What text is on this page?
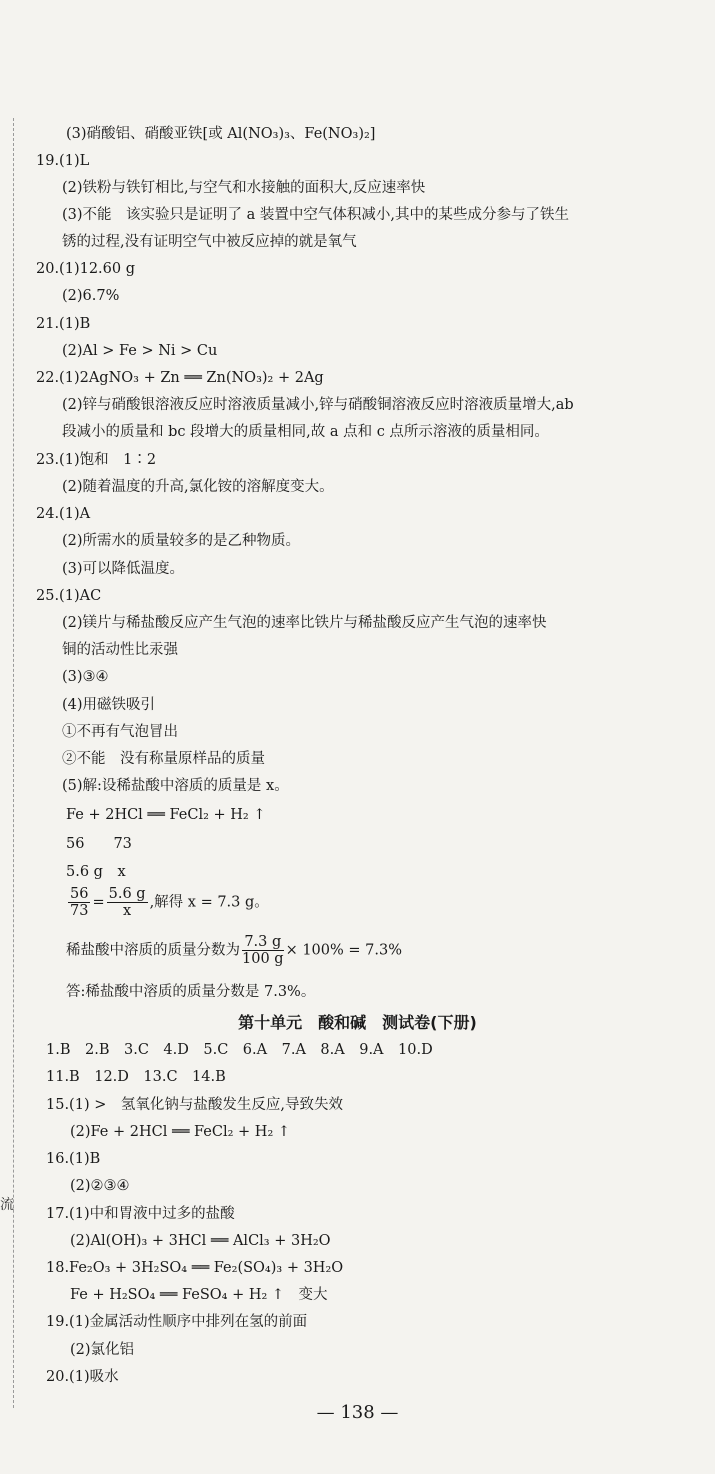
流
(3)硝酸铝、硝酸亚铁[或 Al(NO₃)₃、Fe(NO₃)₂]
19.(1)L
(2)铁粉与铁钉相比,与空气和水接触的面积大,反应速率快
(3)不能　该实验只是证明了 a 装置中空气体积减小,其中的某些成分参与了铁生
锈的过程,没有证明空气中被反应掉的就是氧气
20.(1)12.60 g
(2)6.7%
21.(1)B
(2)Al > Fe > Ni > Cu
22.(1)2AgNO₃ + Zn ══ Zn(NO₃)₂ + 2Ag
(2)锌与硝酸银溶液反应时溶液质量减小,锌与硝酸铜溶液反应时溶液质量增大,ab
段减小的质量和 bc 段增大的质量相同,故 a 点和 c 点所示溶液的质量相同。
23.(1)饱和　1∶2
(2)随着温度的升高,氯化铵的溶解度变大。
24.(1)A
(2)所需水的质量较多的是乙种物质。
(3)可以降低温度。
25.(1)AC
(2)镁片与稀盐酸反应产生气泡的速率比铁片与稀盐酸反应产生气泡的速率快
铜的活动性比汞强
(3)③④
(4)用磁铁吸引
①不再有气泡冒出
②不能　没有称量原样品的质量
(5)解:设稀盐酸中溶质的质量是 x。
Fe + 2HCl ══ FeCl₂ + H₂ ↑
56　　73
5.6 g　x
$\frac{56}{73} = \frac{5.6 g}{x}$ ,解得 x = 7.3 g。
稀盐酸中溶质的质量分数为 $\frac{7.3 g}{100 g} \times 100\% = 7.3\%$
答:稀盐酸中溶质的质量分数是 7.3%。
第十单元　酸和碱　测试卷(下册)
1.B　2.B　3.C　4.D　5.C　6.A　7.A　8.A　9.A　10.D
11.B　12.D　13.C　14.B
15.(1) >　氢氧化钠与盐酸发生反应,导致失效
(2)Fe + 2HCl ══ FeCl₂ + H₂ ↑
16.(1)B
(2)②③④
17.(1)中和胃液中过多的盐酸
(2)Al(OH)₃ + 3HCl ══ AlCl₃ + 3H₂O
18.Fe₂O₃ + 3H₂SO₄ ══ Fe₂(SO₄)₃ + 3H₂O
Fe + H₂SO₄ ══ FeSO₄ + H₂ ↑　变大
19.(1)金属活动性顺序中排列在氢的前面
(2)氯化铝
20.(1)吸水
— 138 —
